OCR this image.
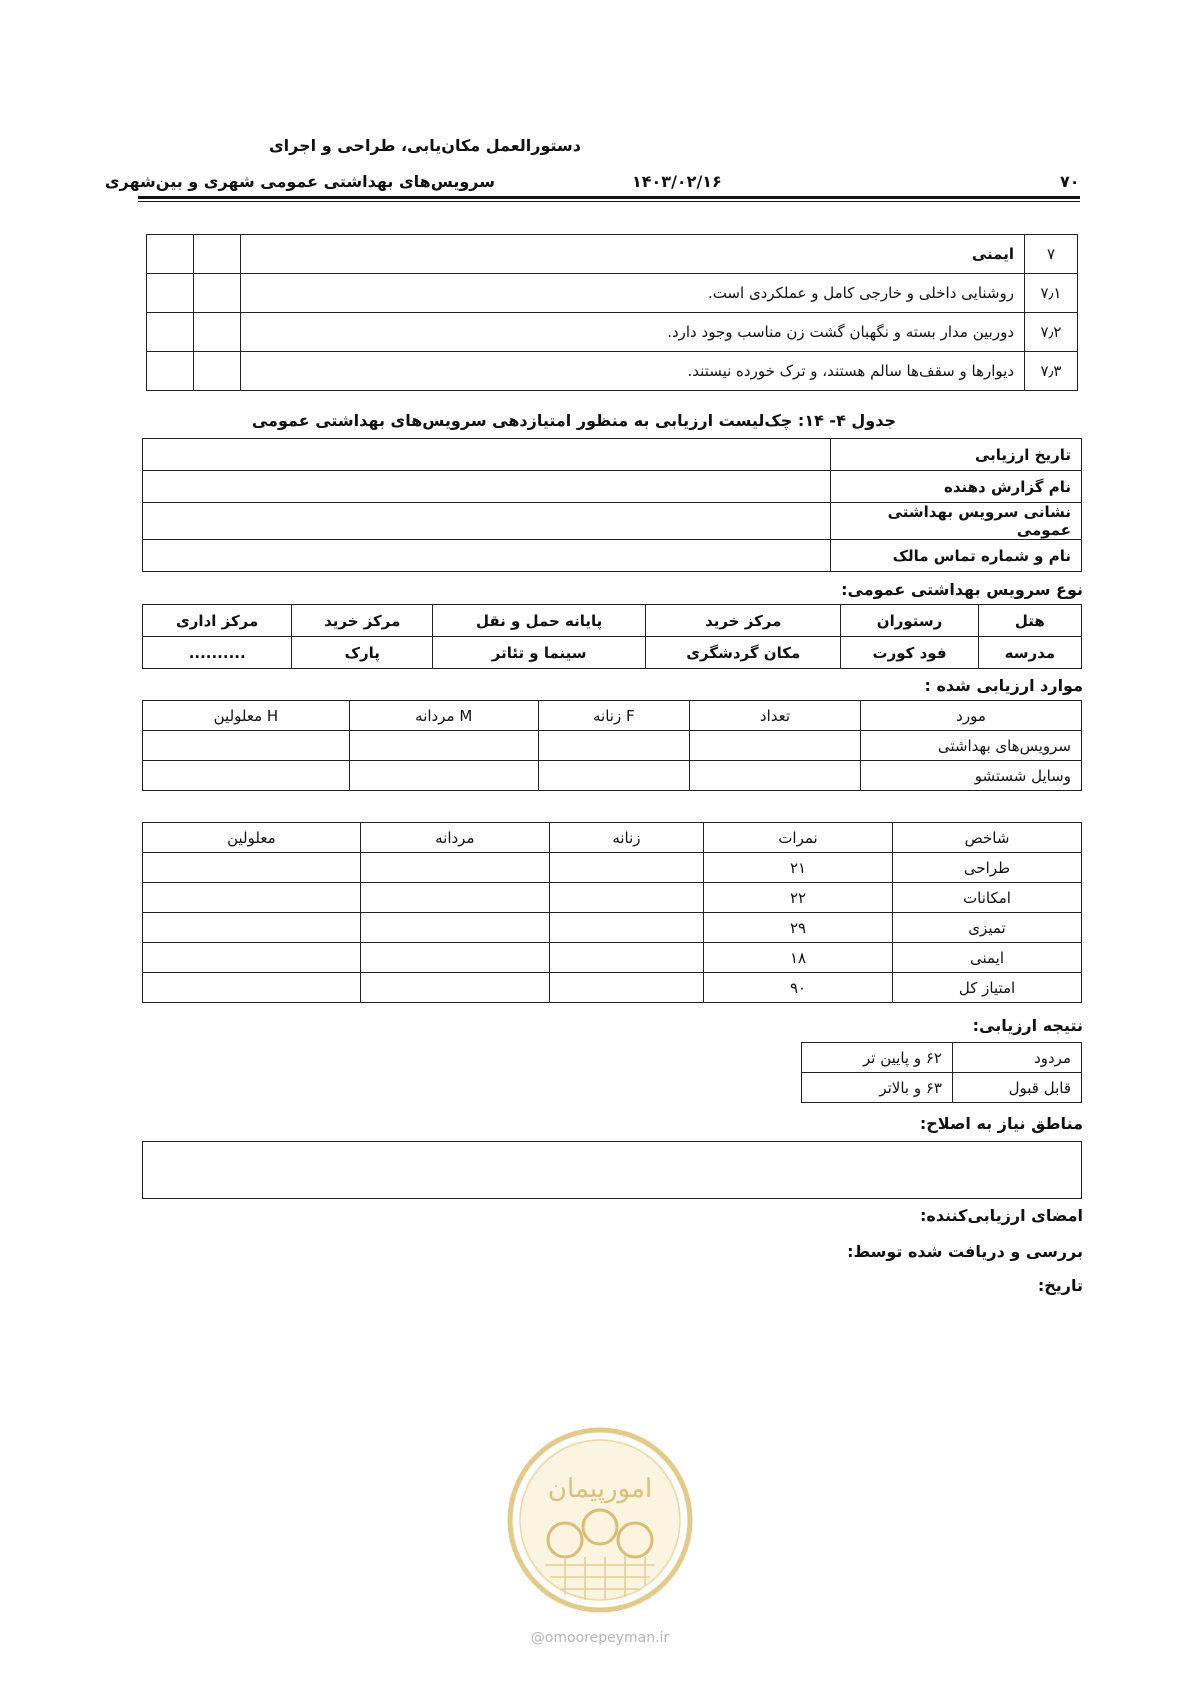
دستورالعمل مکان‌یابی، طراحی و اجرای
سرویس‌های بهداشتی عمومی شهری و بین‌شهری	۱۴۰۳/۰۲/۱۶	۷۰
۷	ایمنی		
۷٫۱	روشنایی داخلی و خارجی کامل و عملکردی است.		
۷٫۲	دوربین مدار بسته و نگهبان گشت زن مناسب وجود دارد.		
۷٫۳	دیوارها و سقف‌ها سالم هستند، و ترک خورده نیستند.		
جدول ۴- ۱۴: چک‌لیست ارزیابی به منظور امتیازدهی سرویس‌های بهداشتی عمومی
تاریخ ارزیابی	
نام گزارش دهنده	
نشانی سرویس بهداشتی عمومی	
نام و شماره تماس مالک	
نوع سرویس بهداشتی عمومی:
هتل	رستوران	مرکز خرید	پایانه حمل و نقل	مرکز خرید	مرکز اداری
مدرسه	فود کورت	مکان گردشگری	سینما و تئاتر	پارک	..........
موارد ارزیابی شده :
مورد	تعداد	F زنانه	M مردانه	H معلولین
سرویس‌های بهداشتی				
وسایل شستشو				
شاخص	نمرات	زنانه	مردانه	معلولین
طراحی	۲۱			
امکانات	۲۲			
تمیزی	۲۹			
ایمنی	۱۸			
امتیاز کل	۹۰			
نتیجه ارزیابی:
مردود	۶۲ و پایین تر
قابل قبول	۶۳ و بالاتر
مناطق نیاز به اصلاح:
امضای ارزیابی‌کننده:
بررسی و دریافت شده توسط:
تاریخ:
امورپیمان
@omoorepeyman.ir
